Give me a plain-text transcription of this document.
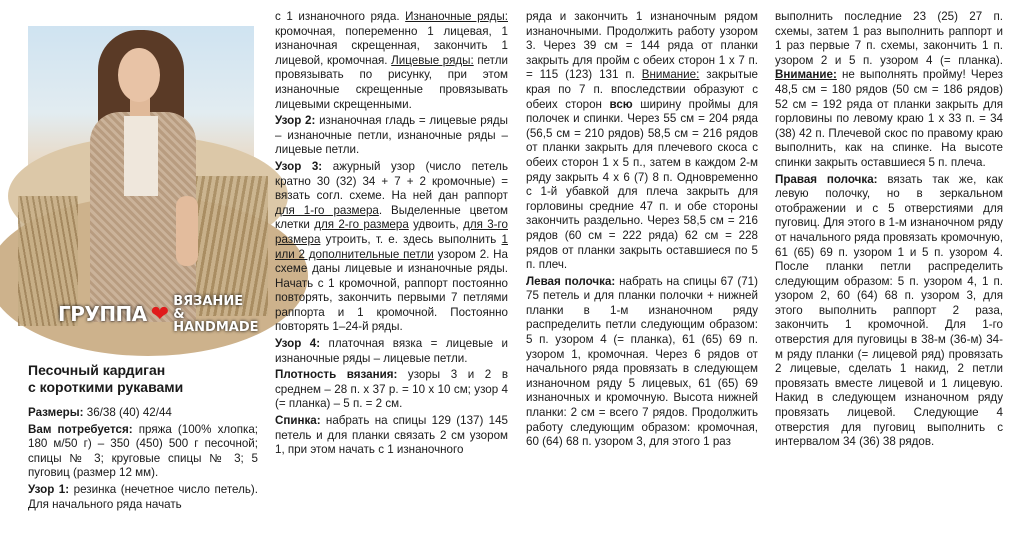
ГРУППА ❤
ВЯЗАНИЕ
& HANDMADE

Песочный кардиган
с короткими рукавами

Размеры: 36/38 (40) 42/44

Вам потребуется: пряжа (100% хлопка; 180 м/50 г) – 350 (450) 500 г песочной; спицы № 3; круговые спицы № 3; 5 пуговиц (размер 12 мм).

Узор 1: резинка (нечетное число петель). Для начального ряда начать

с 1 изнаночного ряда. Изнаночные ряды: кромочная, попеременно 1 лицевая, 1 изнаночная скрещенная, закончить 1 лицевой, кромочная. Лицевые ряды: петли провязывать по рисунку, при этом изнаночные скрещенные провязывать лицевыми скрещенными.

Узор 2: изнаночная гладь = лицевые ряды – изнаночные петли, изнаночные ряды – лицевые петли.

Узор 3: ажурный узор (число петель кратно 30 (32) 34 + 7 + 2 кромочные) = вязать согл. схеме. На ней дан раппорт для 1-го размера. Выделенные цветом клетки для 2-го размера удвоить, для 3-го размера утроить, т. е. здесь выполнить 1 или 2 дополнительные петли узором 2. На схеме даны лицевые и изнаночные ряды. Начать с 1 кромочной, раппорт постоянно повторять, закончить первыми 7 петлями раппорта и 1 кромочной. Постоянно повторять 1–24-й ряды.

Узор 4: платочная вязка = лицевые и изнаночные ряды – лицевые петли.

Плотность вязания: узоры 3 и 2 в среднем – 28 п. х 37 р. = 10 х 10 см; узор 4 (= планка) – 5 п. = 2 см.

Спинка: набрать на спицы 129 (137) 145 петель и для планки связать 2 см узором 1, при этом начать с 1 изнаночного

ряда и закончить 1 изнаночным рядом изнаночными. Продолжить работу узором 3. Через 39 см = 144 ряда от планки закрыть для пройм с обеих сторон 1 х 7 п. = 115 (123) 131 п. Внимание: закрытые края по 7 п. впоследствии образуют с обеих сторон всю ширину проймы для полочек и спинки. Через 55 см = 204 ряда (56,5 см = 210 рядов) 58,5 см = 216 рядов от планки закрыть для плечевого скоса с обеих сторон 1 х 5 п., затем в каждом 2-м ряду закрыть 4 х 6 (7) 8 п. Одновременно с 1-й убавкой для плеча закрыть для горловины средние 47 п. и обе стороны закончить раздельно. Через 58,5 см = 216 рядов (60 см = 222 ряда) 62 см = 228 рядов от планки закрыть оставшиеся по 5 п. плеч.

Левая полочка: набрать на спицы 67 (71) 75 петель и для планки полочки + нижней планки в 1-м изнаночном ряду распределить петли следующим образом: 5 п. узором 4 (= планка), 61 (65) 69 п. узором 1, кромочная. Через 6 рядов от начального ряда провязать в следующем изнаночном ряду 5 лицевых, 61 (65) 69 изнаночных и кромочную. Высота нижней планки: 2 см = всего 7 рядов. Продолжить работу следующим образом: кромочная, 60 (64) 68 п. узором 3, для этого 1 раз

выполнить последние 23 (25) 27 п. схемы, затем 1 раз выполнить раппорт и 1 раз первые 7 п. схемы, закончить 1 п. узором 2 и 5 п. узором 4 (= планка). Внимание: не выполнять пройму! Через 48,5 см = 180 рядов (50 см = 186 рядов) 52 см = 192 ряда от планки закрыть для горловины по левому краю 1 х 33 п. = 34 (38) 42 п. Плечевой скос по правому краю выполнить, как на спинке. На высоте спинки закрыть оставшиеся 5 п. плеча.

Правая полочка: вязать так же, как левую полочку, но в зеркальном отображении и с 5 отверстиями для пуговиц. Для этого в 1-м изнаночном ряду от начального ряда провязать кромочную, 61 (65) 69 п. узором 1 и 5 п. узором 4. После планки петли распределить следующим образом: 5 п. узором 4, 1 п. узором 2, 60 (64) 68 п. узором 3, для этого выполнить раппорт 2 раза, закончить 1 кромочной. Для 1-го отверстия для пуговицы в 38-м (36-м) 34-м ряду планки (= лицевой ряд) провязать 2 лицевые, сделать 1 накид, 2 петли провязать вместе лицевой и 1 лицевую. Накид в следующем изнаночном ряду провязать лицевой. Следующие 4 отверстия для пуговиц выполнить с интервалом 34 (36) 38 рядов.
